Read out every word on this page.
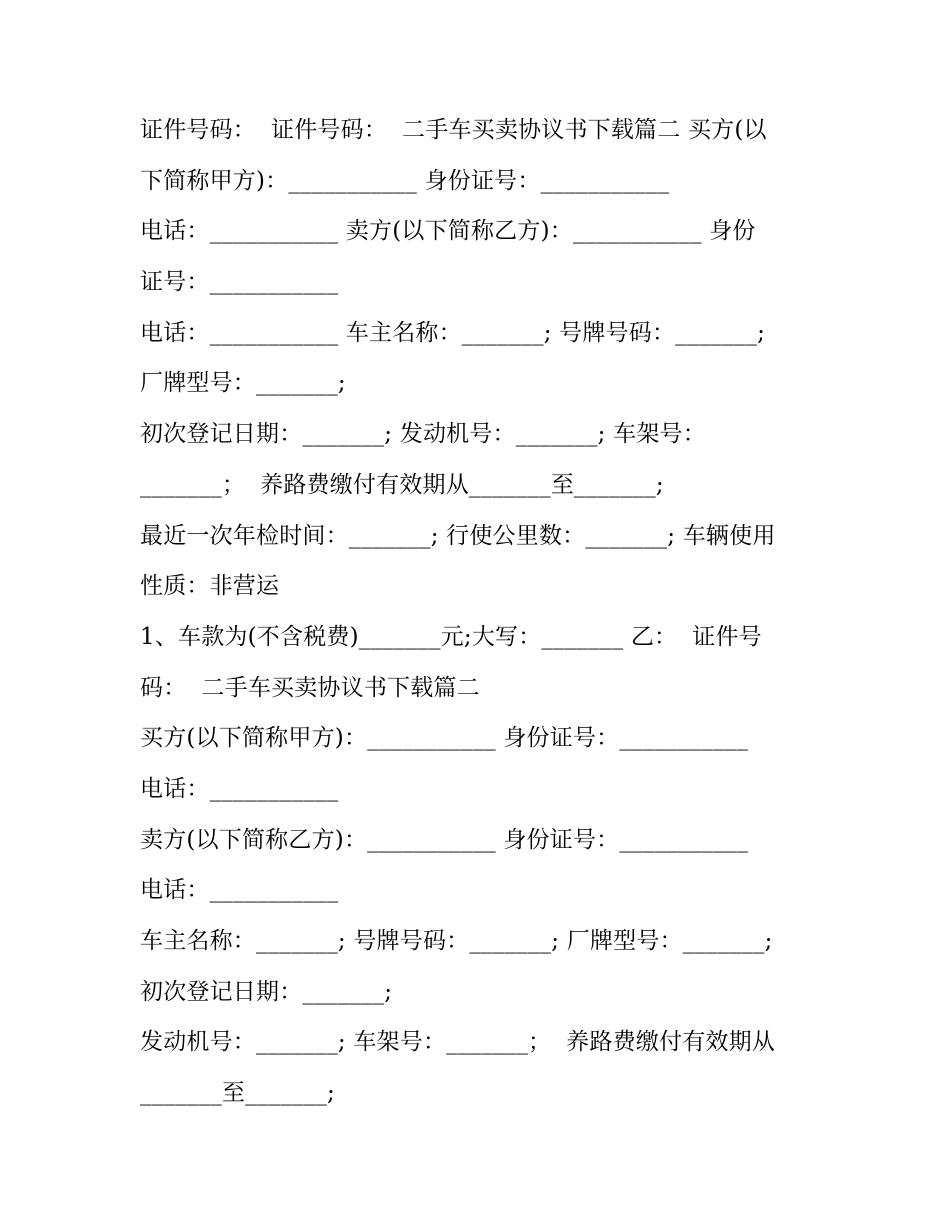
证件号码：  证件号码：  二手车买卖协议书下载篇二 买方(以
下简称甲方)：___________ 身份证号：___________
电话：___________ 卖方(以下简称乙方)：___________ 身份
证号：___________
电话：___________ 车主名称：_______; 号牌号码：_______;
厂牌型号：_______;
初次登记日期：_______; 发动机号：_______; 车架号：
_______；  养路费缴付有效期从_______至_______;
最近一次年检时间：_______; 行使公里数：_______; 车辆使用
性质：非营运
1、车款为(不含税费)_______元;大写：_______ 乙：  证件号
码：  二手车买卖协议书下载篇二
买方(以下简称甲方)：___________ 身份证号：___________
电话：___________
卖方(以下简称乙方)：___________ 身份证号：___________
电话：___________
车主名称：_______; 号牌号码：_______; 厂牌型号：_______;
初次登记日期：_______;
发动机号：_______; 车架号：_______；  养路费缴付有效期从
_______至_______;
